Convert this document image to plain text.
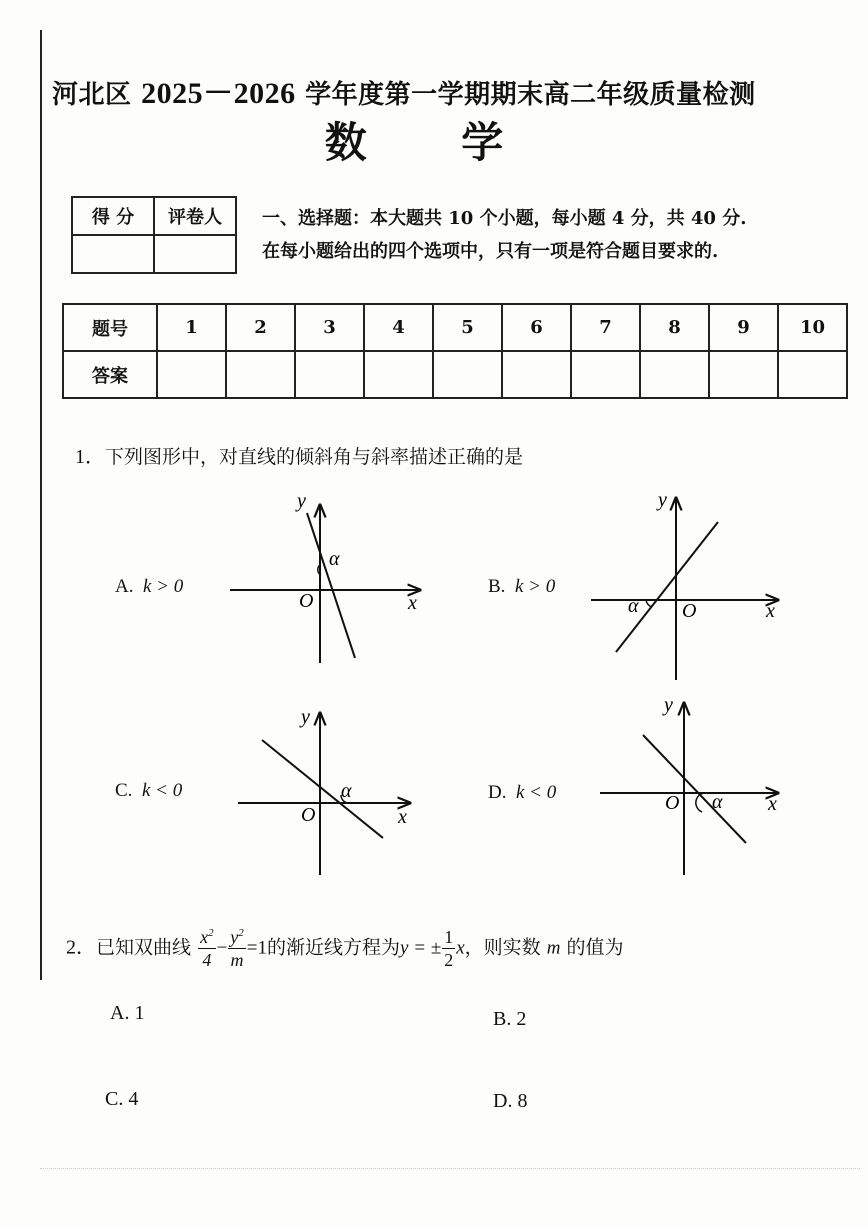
河北区 2025－2026 学年度第一学期期末高二年级质量检测
数 学
得 分	评卷人
	一、选择题：本大题共 10 个小题，每小题 4 分，共 40 分.
在每小题给出的四个选项中，只有一项是符合题目要求的.
题号	1	2	3	4	5	6	7	8	9	10
答案										
1．下列图形中，对直线的倾斜角与斜率描述正确的是
A. k > 0
y
x
O
α
B. k > 0
y
x
O
α
C. k < 0
y
x
O
α	D. k < 0
y
x
O α
2．已知双曲线 $\frac{x^2}{4} - \frac{y^2}{m} =1$的渐近线方程为y = ± $\frac{1}{2}$ x，则实数 m 的值为
A. 1	B. 2
C. 4	D. 8
